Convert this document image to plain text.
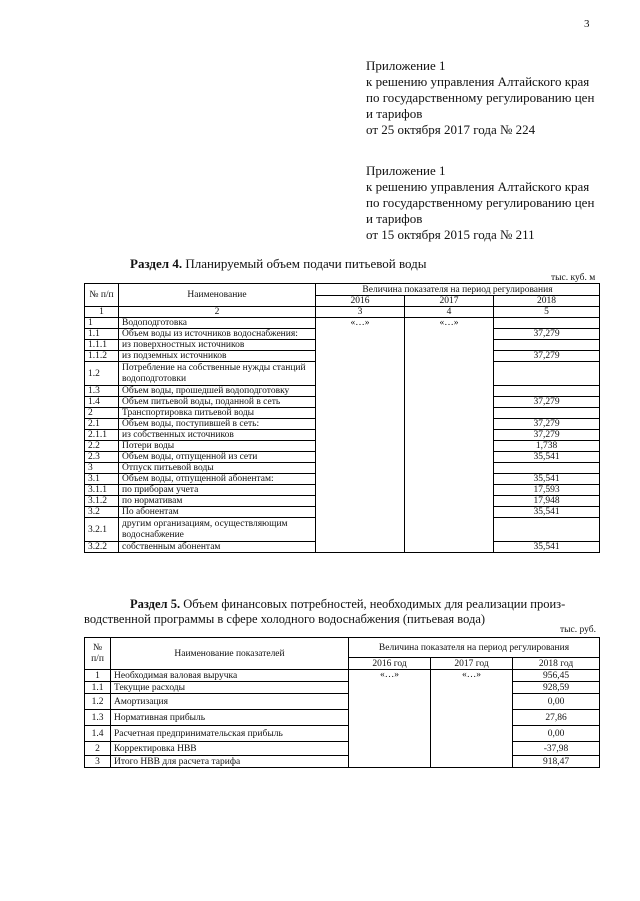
3
Приложение 1
к решению управления Алтайского края
по государственному регулированию цен
и тарифов
от 25 октября 2017 года № 224
Приложение 1
к решению управления Алтайского края
по государственному регулированию цен
и тарифов
от 15 октября 2015 года № 211
Раздел 4. Планируемый объем подачи питьевой воды
тыс. куб. м
№ п/п	Наименование	Величина показателя на период регулирования		
		2016	2017	2018
1	2	3	4	5
1	Водоподготовка	«…»	«…»	
1.1	Объем воды из источников водоснабжения:			37,279
1.1.1	из поверхностных источников			
1.1.2	из подземных источников			37,279
1.2	Потребление на собственные нужды станций водоподготовки			
1.3	Объем воды, прошедшей водоподготовку			
1.4	Объем питьевой воды, поданной в сеть			37,279
2	Транспортировка питьевой воды			
2.1	Объем воды, поступившей в сеть:			37,279
2.1.1	из собственных источников			37,279
2.2	Потери воды			1,738
2.3	Объем воды, отпущенной из сети			35,541
3	Отпуск питьевой воды			
3.1	Объем воды, отпущенной абонентам:			35,541
3.1.1	по приборам учета			17,593
3.1.2	по нормативам			17,948
3.2	По абонентам			35,541
3.2.1	другим организациям, осуществляющим водоснабжение			
3.2.2	собственным абонентам			35,541
Раздел 5. Объем финансовых потребностей, необходимых для реализации произ-
водственной программы в сфере холодного водоснабжения (питьевая вода)
тыс. руб.
№ п/п	Наименование показателей	Величина показателя на период регулирования		
		2016 год	2017 год	2018 год
1	Необходимая валовая выручка	«…»	«…»	956,45
1.1	Текущие расходы			928,59
1.2	Амортизация			0,00
1.3	Нормативная прибыль			27,86
1.4	Расчетная предпринимательская прибыль			0,00
2	Корректировка НВВ			-37,98
3	Итого НВВ для расчета тарифа			918,47
